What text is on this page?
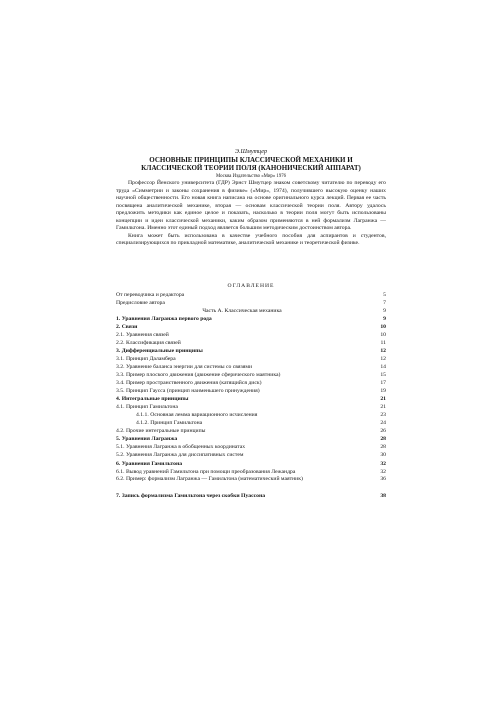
Э.Шмутцер
ОСНОВНЫЕ ПРИНЦИПЫ КЛАССИЧЕСКОЙ МЕХАНИКИ И
КЛАССИЧЕСКОЙ ТЕОРИИ ПОЛЯ (КАНОНИЧЕСКИЙ АППАРАТ)
Москва Издательство «Мир» 1976

Профессор Йенского университета (ГДР) Эрнст Шмутцер знаком советскому читателю по переводу его труда «Симметрии и законы сохранения в физике» («Мир», 1974), получившего высокую оценку наших научной общественности. Его новая книга написана на основе оригинального курса лекций. Первая ее часть посвящена аналитической механике, вторая — основам классической теории поля. Автору удалось предложить методики как единое целое и показать, насколько в теории поля могут быть использованы концепции и идеи классической механики, каким образом применяются в ней формализм Лагранжа — Гамильтона. Именно этот единый подход является большим методическим достоинством автора.

Книга может быть использована в качестве учебного пособия для аспирантов и студентов, специализирующихся по прикладной математике, аналитической механике и теоретической физике.

ОГЛАВЛЕНИЕ
От переводчика и редактора	5
Предисловие автора	7
Часть А. Классическая механика	9
1. Уравнения Лагранжа первого рода	9
2. Связи	10
2.1. Уравнения связей	10
2.2. Классификация связей	11
3. Дифференциальные принципы	12
3.1. Принцип Даламбера	12
3.2. Уравнение баланса энергии для системы со связями	14
3.3. Пример плоского движения (движение сферического маятника)	15
3.4. Пример пространственного движения (катящийся диск)	17
3.5. Принцип Гаусса (принцип наименьшего принуждения)	19
4. Интегральные принципы	21
4.1. Принцип Гамильтона	21
4.1.1. Основная лемма вариационного исчисления	23
4.1.2. Принцип Гамильтона	24
4.2. Прочие интегральные принципы	26
5. Уравнения Лагранжа	28
5.1. Уравнения Лагранжа в обобщенных координатах	28
5.2. Уравнения Лагранжа для диссипативных систем	30
6. Уравнения Гамильтона	32
6.1. Вывод уравнений Гамильтона при помощи преобразования Лежандра	32
6.2. Пример: формализм Лагранжа — Гамильтона (математический маятник)	36
7. Запись формализма Гамильтона через скобки Пуассона	38
